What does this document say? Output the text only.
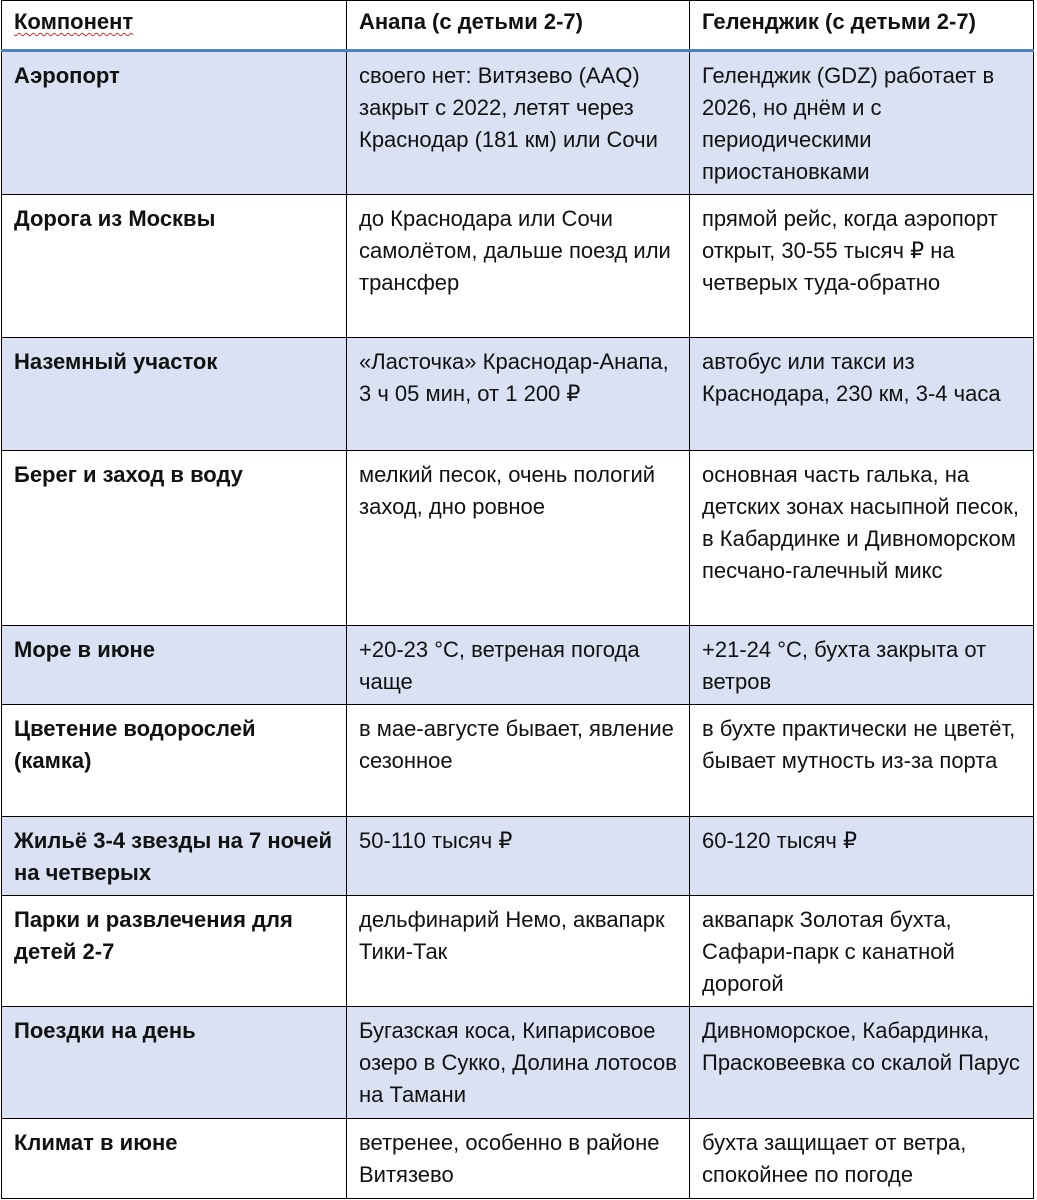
Компонент	Анапа (с детьми 2-7)	Геленджик (с детьми 2-7)
Аэропорт	своего нет: Витязево (AAQ) закрыт с 2022, летят через Краснодар (181 км) или Сочи	Геленджик (GDZ) работает в 2026, но днём и с периодическими приостановками
Дорога из Москвы	до Краснодара или Сочи самолётом, дальше поезд или трансфер	прямой рейс, когда аэропорт открыт, 30-55 тысяч ₽ на четверых туда-обратно
Наземный участок	«Ласточка» Краснодар-Анапа, 3 ч 05 мин, от 1 200 ₽	автобус или такси из Краснодара, 230 км, 3-4 часа
Берег и заход в воду	мелкий песок, очень пологий заход, дно ровное	основная часть галька, на детских зонах насыпной песок, в Кабардинке и Дивноморском песчано-галечный микс
Море в июне	+20-23 °С, ветреная погода чаще	+21-24 °С, бухта закрыта от ветров
Цветение водорослей (камка)	в мае-августе бывает, явление сезонное	в бухте практически не цветёт, бывает мутность из-за порта
Жильё 3-4 звезды на 7 ночей на четверых	50-110 тысяч ₽	60-120 тысяч ₽
Парки и развлечения для детей 2-7	дельфинарий Немо, аквапарк Тики-Так	аквапарк Золотая бухта, Сафари-парк с канатной дорогой
Поездки на день	Бугазская коса, Кипарисовое озеро в Сукко, Долина лотосов на Тамани	Дивноморское, Кабардинка, Прасковеевка со скалой Парус
Климат в июне	ветренее, особенно в районе Витязево	бухта защищает от ветра, спокойнее по погоде
